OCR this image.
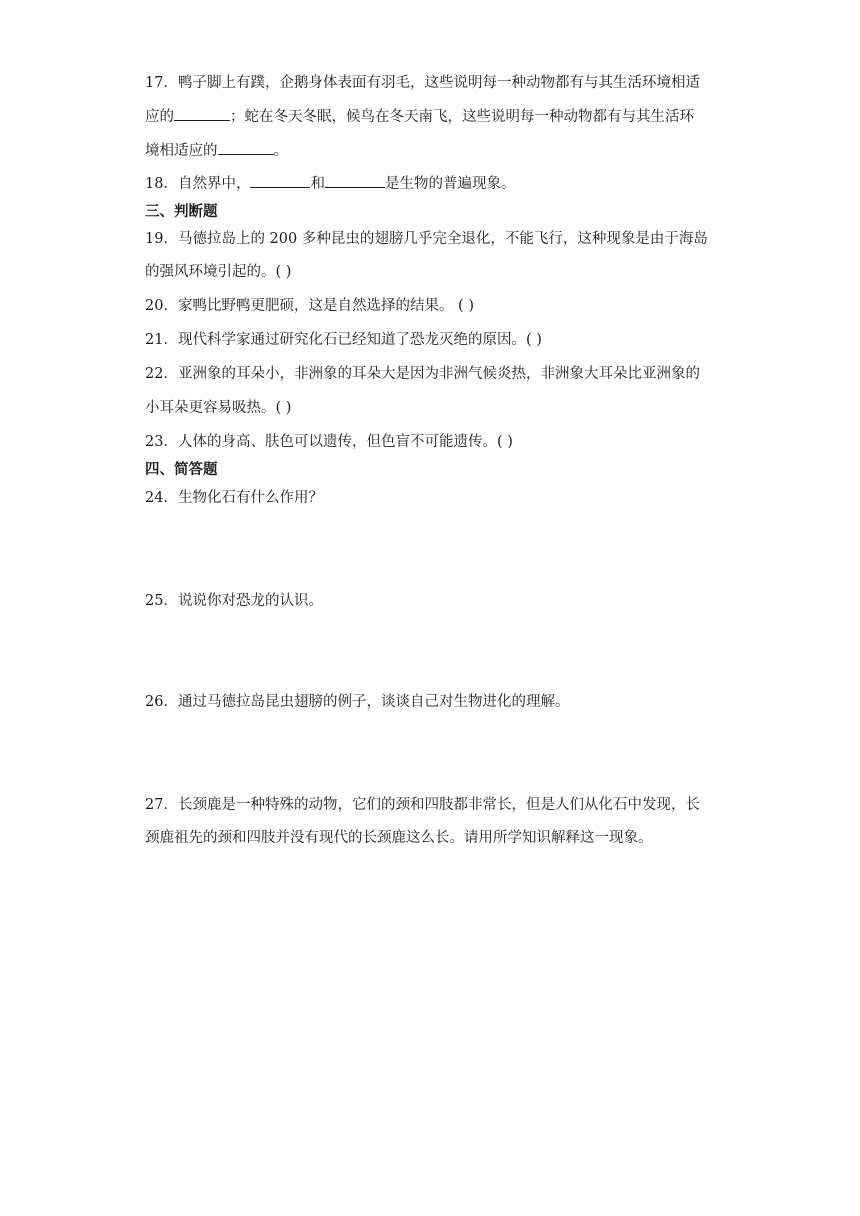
17．鸭子脚上有蹼，企鹅身体表面有羽毛，这些说明每一种动物都有与其生活环境相适
应的	；蛇在冬天冬眠，候鸟在冬天南飞，这些说明每一种动物都有与其生活环
境相适应的	。
18．自然界中，	和	是生物的普遍现象。
三、判断题
19．马德拉岛上的 200 多种昆虫的翅膀几乎完全退化，不能飞行，这种现象是由于海岛
的强风环境引起的。( )
20．家鸭比野鸭更肥硕，这是自然选择的结果。 ( )
21．现代科学家通过研究化石已经知道了恐龙灭绝的原因。( )
22．亚洲象的耳朵小，非洲象的耳朵大是因为非洲气候炎热，非洲象大耳朵比亚洲象的
小耳朵更容易吸热。( )
23．人体的身高、肤色可以遗传，但色盲不可能遗传。( )
四、简答题
24．生物化石有什么作用？
25．说说你对恐龙的认识。
26．通过马德拉岛昆虫翅膀的例子，谈谈自己对生物进化的理解。
27．长颈鹿是一种特殊的动物，它们的颈和四肢都非常长，但是人们从化石中发现，长
颈鹿祖先的颈和四肢并没有现代的长颈鹿这么长。请用所学知识解释这一现象。
